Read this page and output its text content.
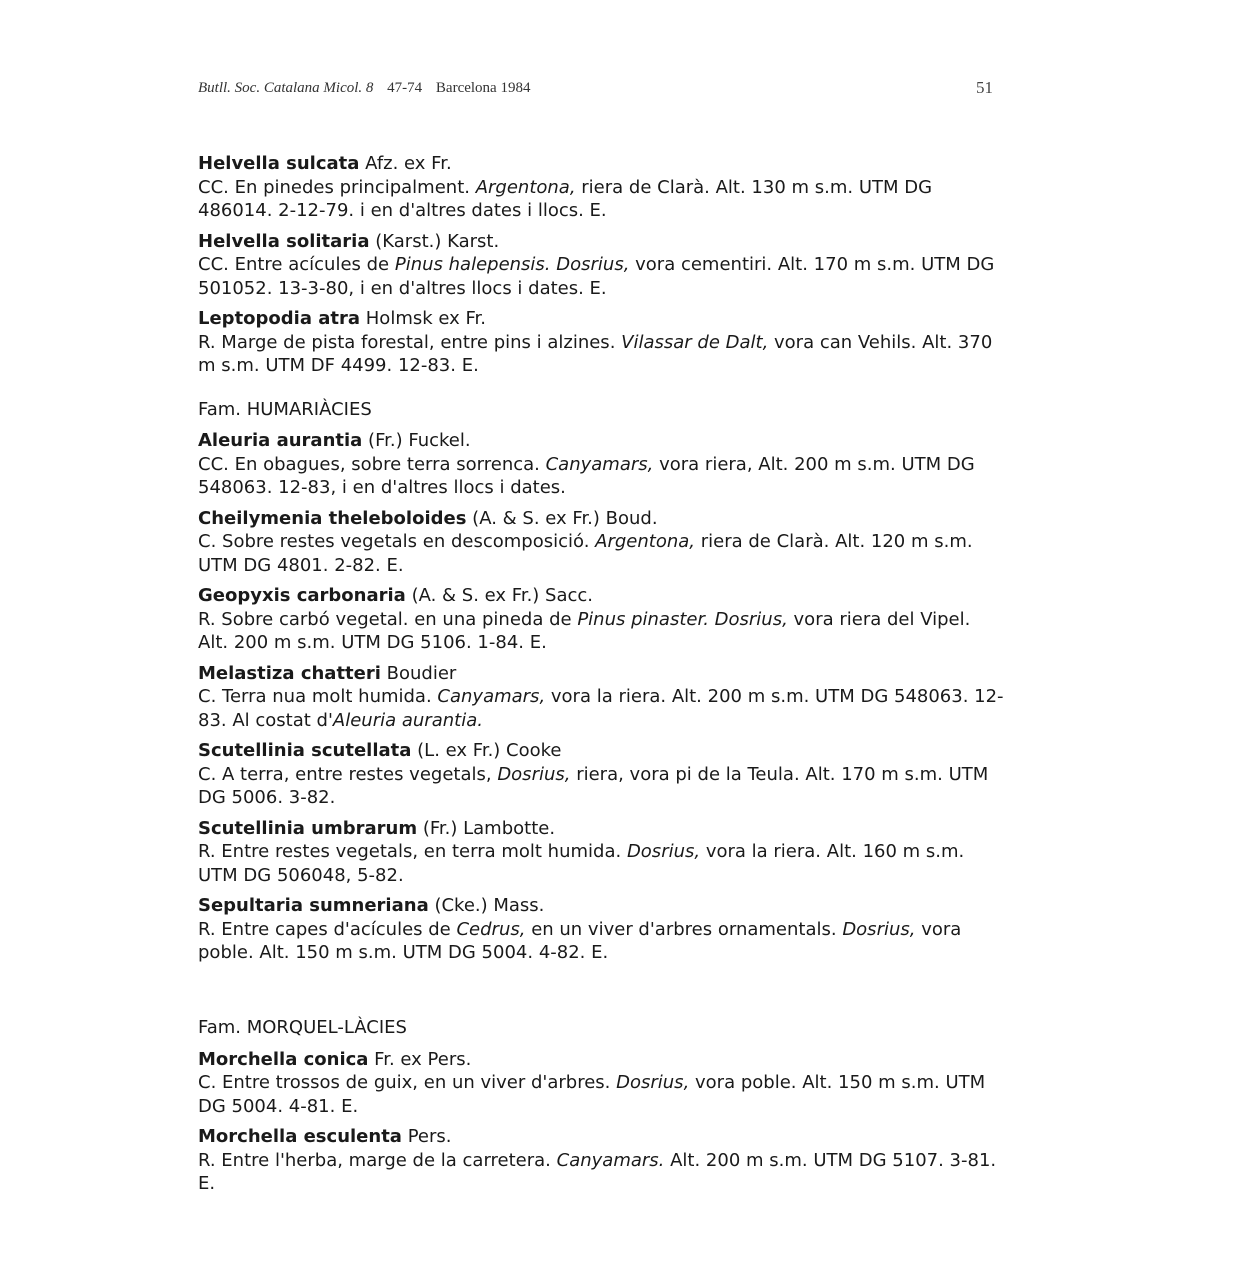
Butll. Soc. Catalana Micol. 8 47-74 Barcelona 1984	51
Helvella sulcata Afz. ex Fr.
CC. En pinedes principalment. Argentona, riera de Clarà. Alt. 130 m s.m. UTM DG 486014. 2-12-79. i en d'altres dates i llocs. E.
Helvella solitaria (Karst.) Karst.
CC. Entre acícules de Pinus halepensis. Dosrius, vora cementiri. Alt. 170 m s.m. UTM DG 501052. 13-3-80, i en d'altres llocs i dates. E.
Leptopodia atra Holmsk ex Fr.
R. Marge de pista forestal, entre pins i alzines. Vilassar de Dalt, vora can Vehils. Alt. 370 m s.m. UTM DF 4499. 12-83. E.
Fam. HUMARIÀCIES
Aleuria aurantia (Fr.) Fuckel.
CC. En obagues, sobre terra sorrenca. Canyamars, vora riera, Alt. 200 m s.m. UTM DG 548063. 12-83, i en d'altres llocs i dates.
Cheilymenia theleboloides (A. & S. ex Fr.) Boud.
C. Sobre restes vegetals en descomposició. Argentona, riera de Clarà. Alt. 120 m s.m. UTM DG 4801. 2-82. E.
Geopyxis carbonaria (A. & S. ex Fr.) Sacc.
R. Sobre carbó vegetal. en una pineda de Pinus pinaster. Dosrius, vora riera del Vipel. Alt. 200 m s.m. UTM DG 5106. 1-84. E.
Melastiza chatteri Boudier
C. Terra nua molt humida. Canyamars, vora la riera. Alt. 200 m s.m. UTM DG 548063. 12-83. Al costat d'Aleuria aurantia.
Scutellinia scutellata (L. ex Fr.) Cooke
C. A terra, entre restes vegetals, Dosrius, riera, vora pi de la Teula. Alt. 170 m s.m. UTM DG 5006. 3-82.
Scutellinia umbrarum (Fr.) Lambotte.
R. Entre restes vegetals, en terra molt humida. Dosrius, vora la riera. Alt. 160 m s.m. UTM DG 506048, 5-82.
Sepultaria sumneriana (Cke.) Mass.
R. Entre capes d'acícules de Cedrus, en un viver d'arbres ornamentals. Dosrius, vora poble. Alt. 150 m s.m. UTM DG 5004. 4-82. E.
Fam. MORQUEL-LÀCIES
Morchella conica Fr. ex Pers.
C. Entre trossos de guix, en un viver d'arbres. Dosrius, vora poble. Alt. 150 m s.m. UTM DG 5004. 4-81. E.
Morchella esculenta Pers.
R. Entre l'herba, marge de la carretera. Canyamars. Alt. 200 m s.m. UTM DG 5107. 3-81. E.
